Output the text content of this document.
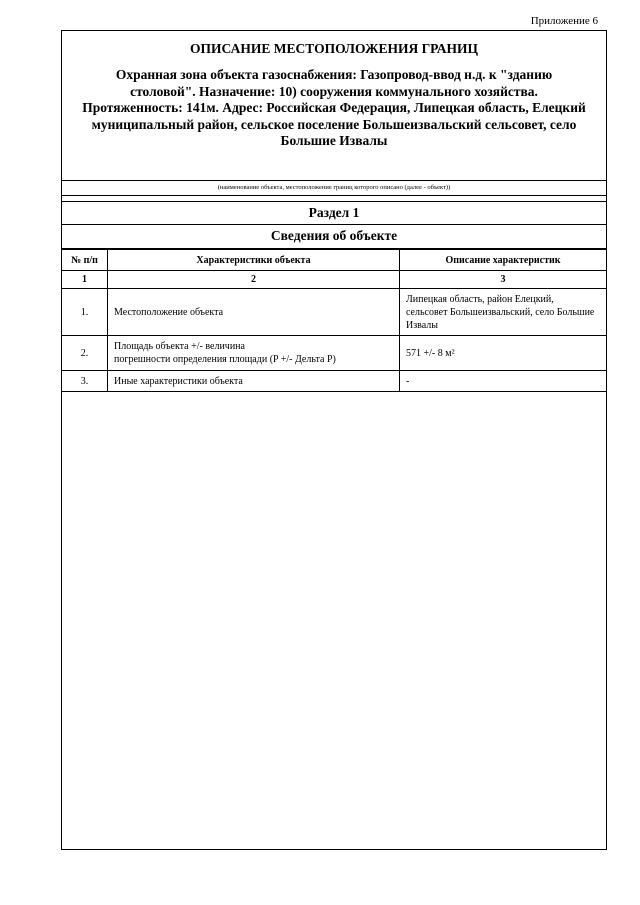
Приложение 6
ОПИСАНИЕ МЕСТОПОЛОЖЕНИЯ ГРАНИЦ
Охранная зона объекта газоснабжения: Газопровод-ввод н.д. к "зданию
столовой". Назначение: 10) сооружения коммунального хозяйства.
Протяженность: 141м. Адрес: Российская Федерация, Липецкая область, Елецкий
муниципальный район, сельское поселение Большеизвальский сельсовет, село
Большие Извалы
(наименование объекта, местоположение границ которого описано (далее - объект))
Раздел 1
Сведения об объекте
№ п/п	Характеристики объекта	Описание характеристик
1	2	3
1.	Местоположение объекта	Липецкая область, район Елецкий,
сельсовет Большеизвальский, село Большие
Извалы

2.	Площадь объекта +/- величина
погрешности определения площади (P +/- Дельта P)	571 +/- 8 м²

3.	Иные характеристики объекта	-
